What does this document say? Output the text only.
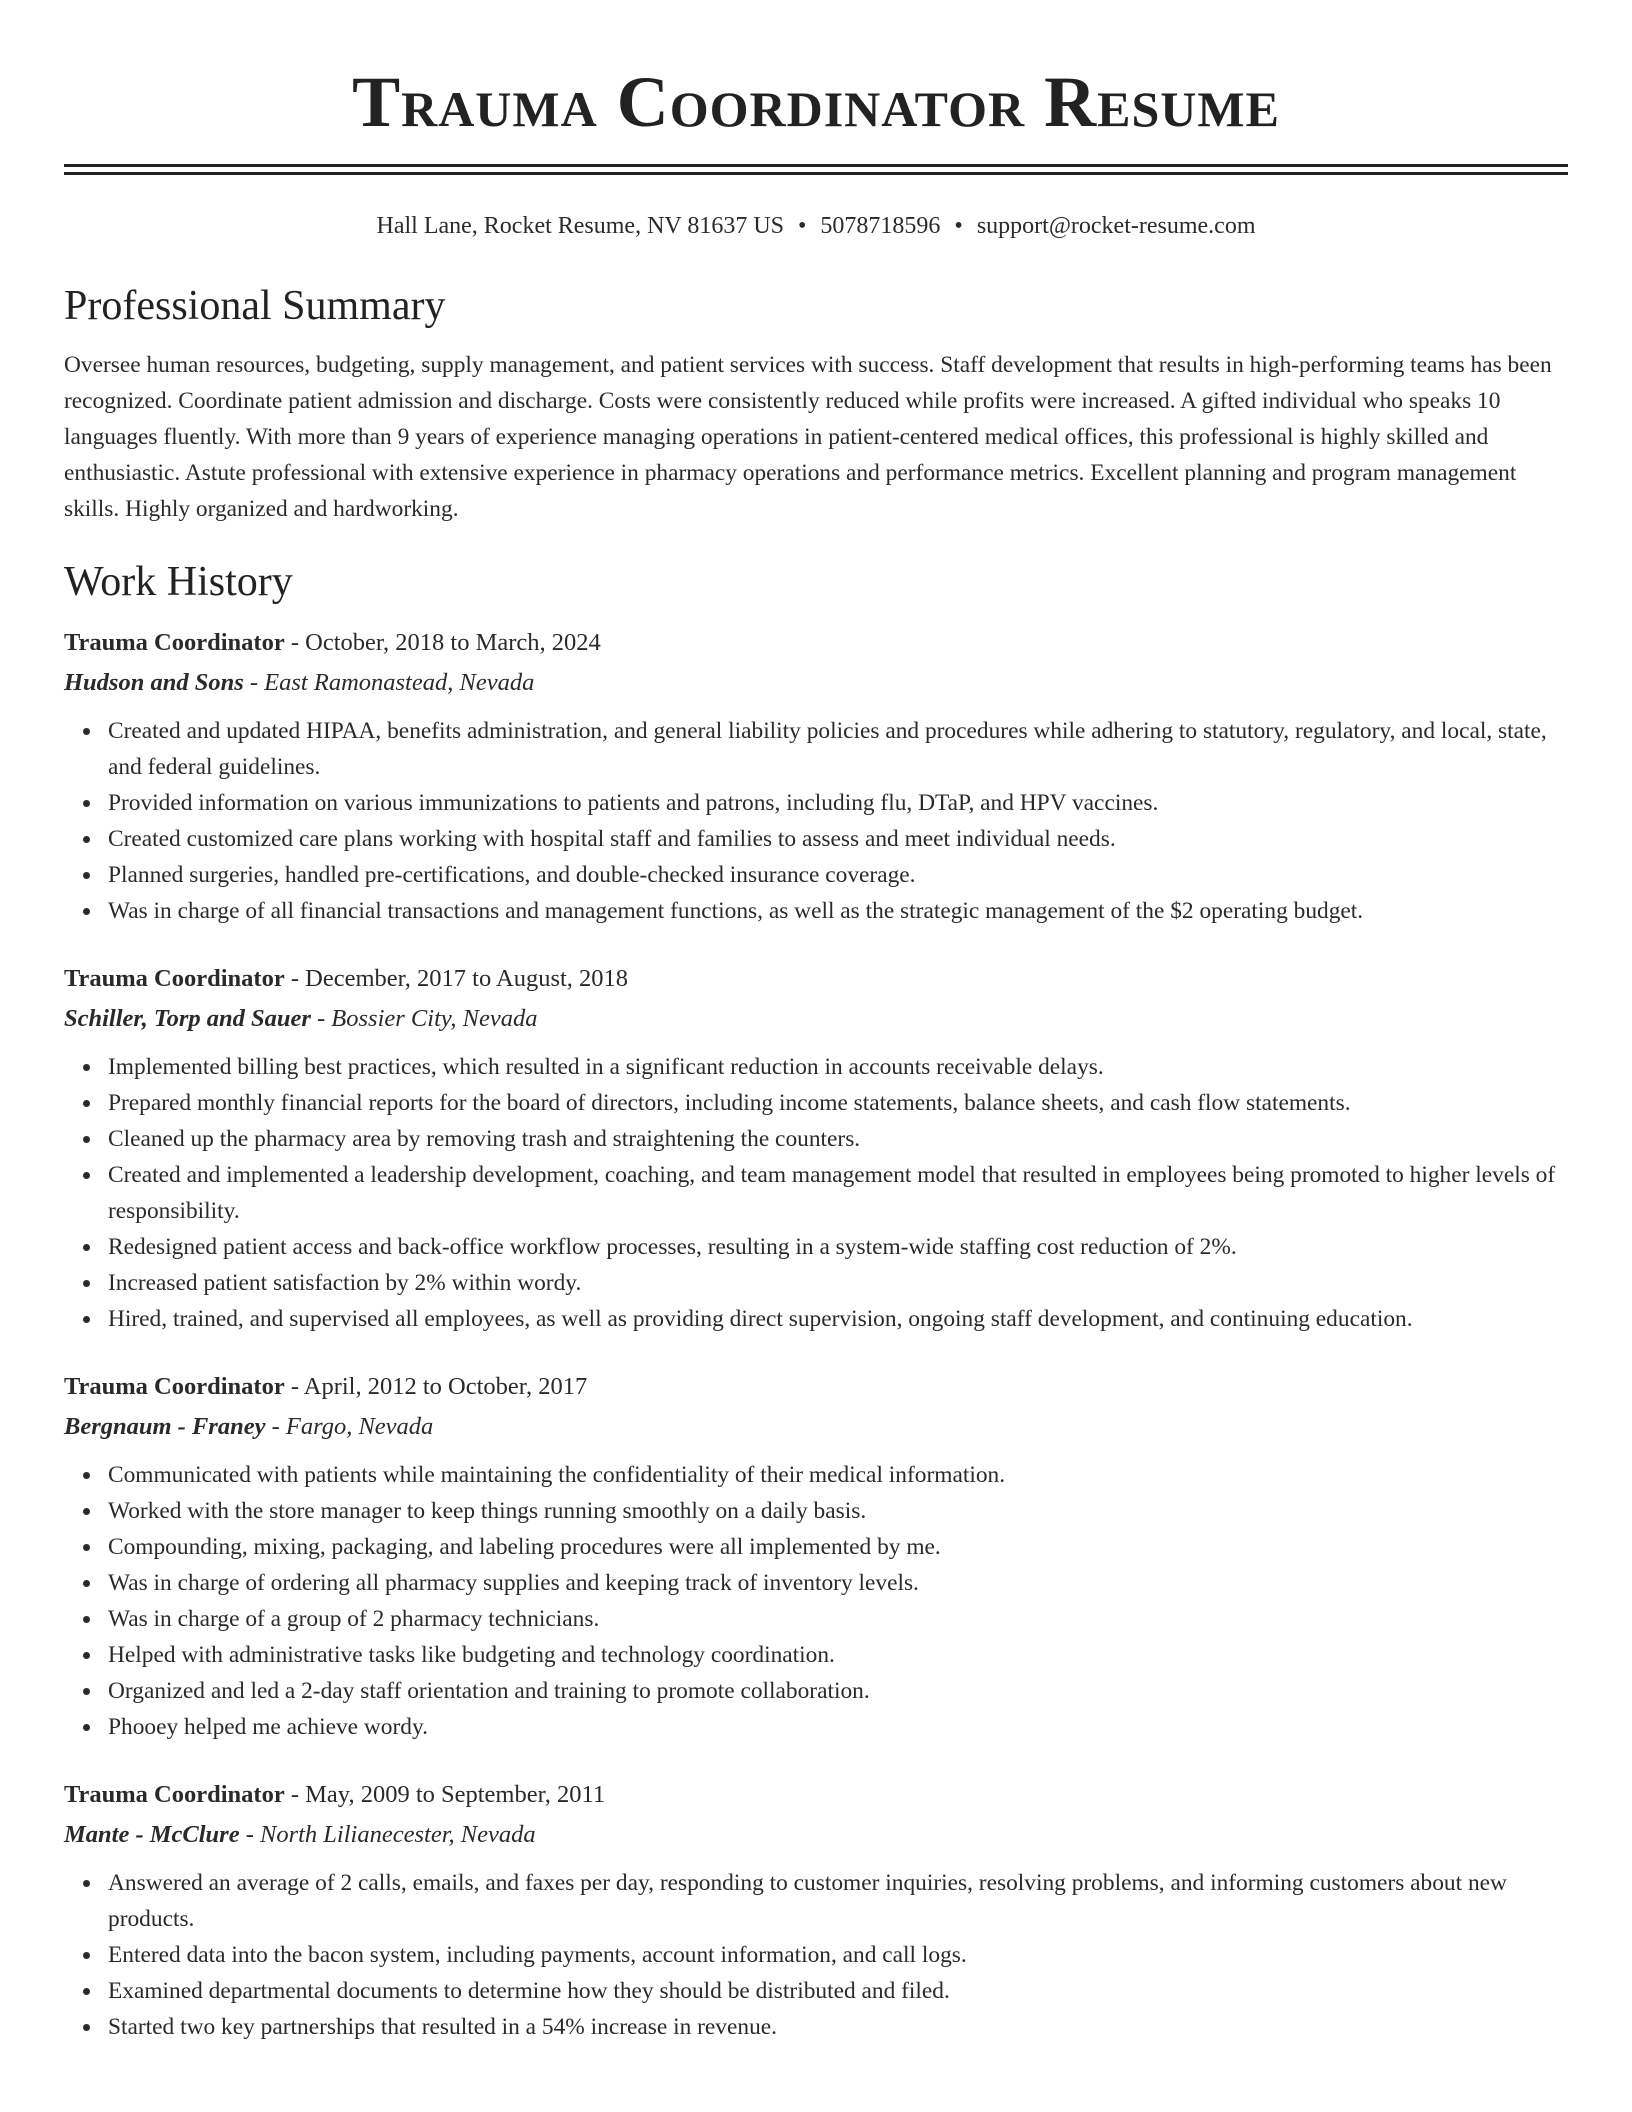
Trauma Coordinator Resume
Hall Lane, Rocket Resume, NV 81637 US • 5078718596 • support@rocket-resume.com
Professional Summary
Oversee human resources, budgeting, supply management, and patient services with success. Staff development that results in high-performing teams has been recognized. Coordinate patient admission and discharge. Costs were consistently reduced while profits were increased. A gifted individual who speaks 10 languages fluently. With more than 9 years of experience managing operations in patient-centered medical offices, this professional is highly skilled and enthusiastic. Astute professional with extensive experience in pharmacy operations and performance metrics. Excellent planning and program management skills. Highly organized and hardworking.
Work History
Trauma Coordinator - October, 2018 to March, 2024
Hudson and Sons - East Ramonastead, Nevada
Created and updated HIPAA, benefits administration, and general liability policies and procedures while adhering to statutory, regulatory, and local, state, and federal guidelines.
Provided information on various immunizations to patients and patrons, including flu, DTaP, and HPV vaccines.
Created customized care plans working with hospital staff and families to assess and meet individual needs.
Planned surgeries, handled pre-certifications, and double-checked insurance coverage.
Was in charge of all financial transactions and management functions, as well as the strategic management of the $2 operating budget.
Trauma Coordinator - December, 2017 to August, 2018
Schiller, Torp and Sauer - Bossier City, Nevada
Implemented billing best practices, which resulted in a significant reduction in accounts receivable delays.
Prepared monthly financial reports for the board of directors, including income statements, balance sheets, and cash flow statements.
Cleaned up the pharmacy area by removing trash and straightening the counters.
Created and implemented a leadership development, coaching, and team management model that resulted in employees being promoted to higher levels of responsibility.
Redesigned patient access and back-office workflow processes, resulting in a system-wide staffing cost reduction of 2%.
Increased patient satisfaction by 2% within wordy.
Hired, trained, and supervised all employees, as well as providing direct supervision, ongoing staff development, and continuing education.
Trauma Coordinator - April, 2012 to October, 2017
Bergnaum - Franey - Fargo, Nevada
Communicated with patients while maintaining the confidentiality of their medical information.
Worked with the store manager to keep things running smoothly on a daily basis.
Compounding, mixing, packaging, and labeling procedures were all implemented by me.
Was in charge of ordering all pharmacy supplies and keeping track of inventory levels.
Was in charge of a group of 2 pharmacy technicians.
Helped with administrative tasks like budgeting and technology coordination.
Organized and led a 2-day staff orientation and training to promote collaboration.
Phooey helped me achieve wordy.
Trauma Coordinator - May, 2009 to September, 2011
Mante - McClure - North Lilianecester, Nevada
Answered an average of 2 calls, emails, and faxes per day, responding to customer inquiries, resolving problems, and informing customers about new products.
Entered data into the bacon system, including payments, account information, and call logs.
Examined departmental documents to determine how they should be distributed and filed.
Started two key partnerships that resulted in a 54% increase in revenue.
